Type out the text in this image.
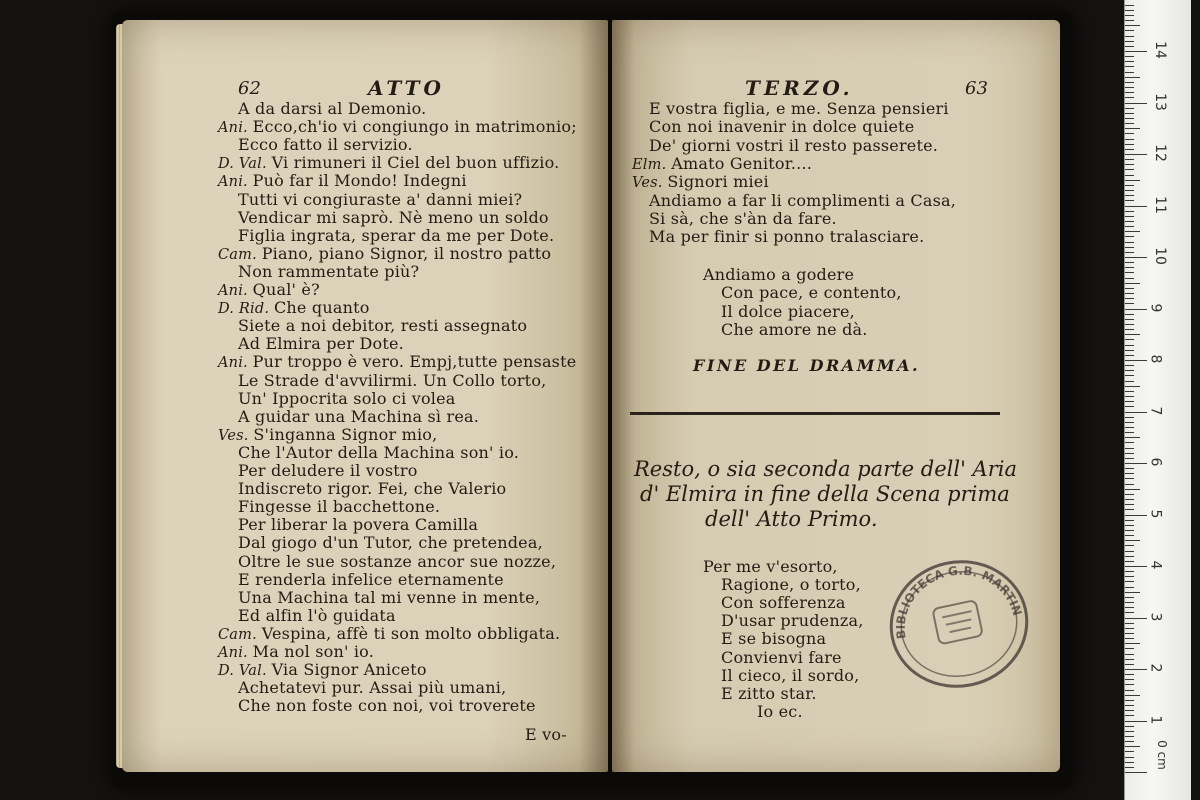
62	ATTO
A da darsi al Demonio.
Ani. Ecco,ch'io vi congiungo in matrimonio;
Ecco fatto il servizio.
D. Val. Vi rimuneri il Ciel del buon uffizio.
Ani. Può far il Mondo! Indegni
Tutti vi congiuraste a' danni miei?
Vendicar mi saprò. Nè meno un soldo
Figlia ingrata, sperar da me per Dote.
Cam. Piano, piano Signor, il nostro patto
Non rammentate più?
Ani. Qual' è?
D. Rid. Che quanto
Siete a noi debitor, resti assegnato
Ad Elmira per Dote.
Ani. Pur troppo è vero. Empj,tutte pensaste
Le Strade d'avvilirmi. Un Collo torto,
Un' Ippocrita solo ci volea
A guidar una Machina sì rea.
Ves. S'inganna Signor mio,
Che l'Autor della Machina son' io.
Per deludere il vostro
Indiscreto rigor. Fei, che Valerio
Fingesse il bacchettone.
Per liberar la povera Camilla
Dal giogo d'un Tutor, che pretendea,
Oltre le sue sostanze ancor sue nozze,
E renderla infelice eternamente
Una Machina tal mi venne in mente,
Ed alfin l'ò guidata
Cam. Vespina, affè ti son molto obbligata.
Ani. Ma nol son' io.
D. Val. Via Signor Aniceto
Achetatevi pur. Assai più umani,
Che non foste con noi, voi troverete
E vo-
TERZO.	63
E vostra figlia, e me. Senza pensieri
Con noi inavenir in dolce quiete
De' giorni vostri il resto passerete.
Elm. Amato Genitor....
Ves. Signori miei
Andiamo a far li complimenti a Casa,
Si sà, che s'àn da fare.
Ma per finir si ponno tralasciare.
Andiamo a godere
Con pace, e contento,
Il dolce piacere,
Che amore ne dà.
FINE DEL DRAMMA.
Resto, o sia seconda parte dell' Aria
d' Elmira in fine della Scena prima
dell' Atto Primo.
Per me v'esorto,
Ragione, o torto,
Con sofferenza
D'usar prudenza,
E se bisogna
Convienvi fare
Il cieco, il sordo,
E zitto star.
Io ec.
BIBLIOTECA G.B. MARTINI
14
13
12
11
10
9
8
7
6
5
4
3
2
1
0 cm
